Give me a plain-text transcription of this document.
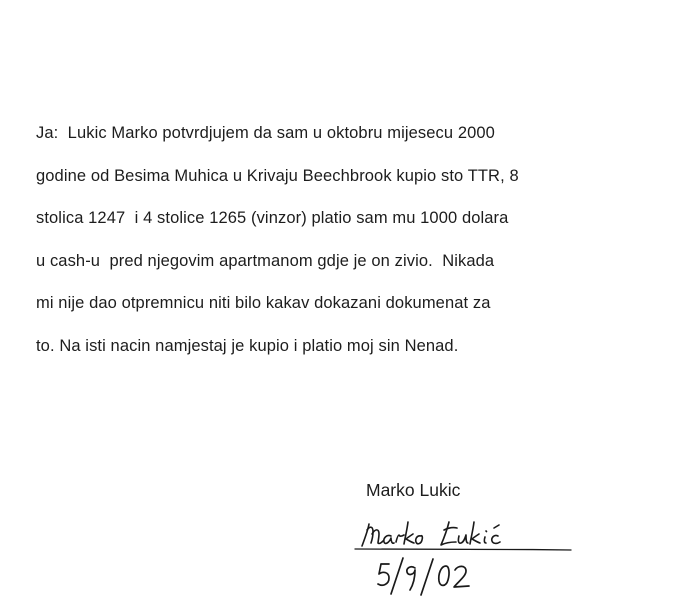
Ja:  Lukic Marko potvrdjujem da sam u oktobru mijesecu 2000
godine od Besima Muhica u Krivaju Beechbrook kupio sto TTR, 8
stolica 1247  i 4 stolice 1265 (vinzor) platio sam mu 1000 dolara
u cash-u  pred njegovim apartmanom gdje je on zivio.  Nikada
mi nije dao otpremnicu niti bilo kakav dokazani dokumenat za
to. Na isti nacin namjestaj je kupio i platio moj sin Nenad.
Marko Lukic
